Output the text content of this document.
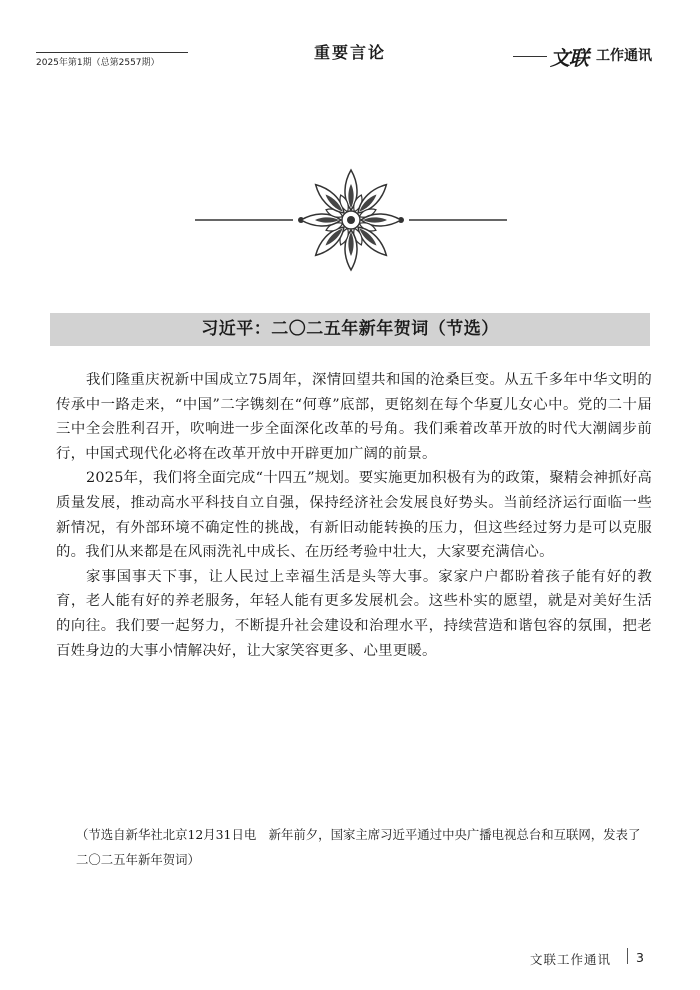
2025年第1期（总第2557期）
重要言论	文联 工作通讯
习近平：二〇二五年新年贺词（节选）

我们隆重庆祝新中国成立75周年，深情回望共和国的沧桑巨变。从五千多年中华文明的传承中一路走来，“中国”二字镌刻在“何尊”底部，更铭刻在每个华夏儿女心中。党的二十届三中全会胜利召开，吹响进一步全面深化改革的号角。我们乘着改革开放的时代大潮阔步前行，中国式现代化必将在改革开放中开辟更加广阔的前景。

2025年，我们将全面完成“十四五”规划。要实施更加积极有为的政策，聚精会神抓好高质量发展，推动高水平科技自立自强，保持经济社会发展良好势头。当前经济运行面临一些新情况，有外部环境不确定性的挑战，有新旧动能转换的压力，但这些经过努力是可以克服的。我们从来都是在风雨洗礼中成长、在历经考验中壮大，大家要充满信心。

家事国事天下事，让人民过上幸福生活是头等大事。家家户户都盼着孩子能有好的教育，老人能有好的养老服务，年轻人能有更多发展机会。这些朴实的愿望，就是对美好生活的向往。我们要一起努力，不断提升社会建设和治理水平，持续营造和谐包容的氛围，把老百姓身边的大事小情解决好，让大家笑容更多、心里更暖。

（节选自新华社北京12月31日电　新年前夕，国家主席习近平通过中央广播电视总台和互联网，发表了二〇二五年新年贺词）

文联工作通讯 3
